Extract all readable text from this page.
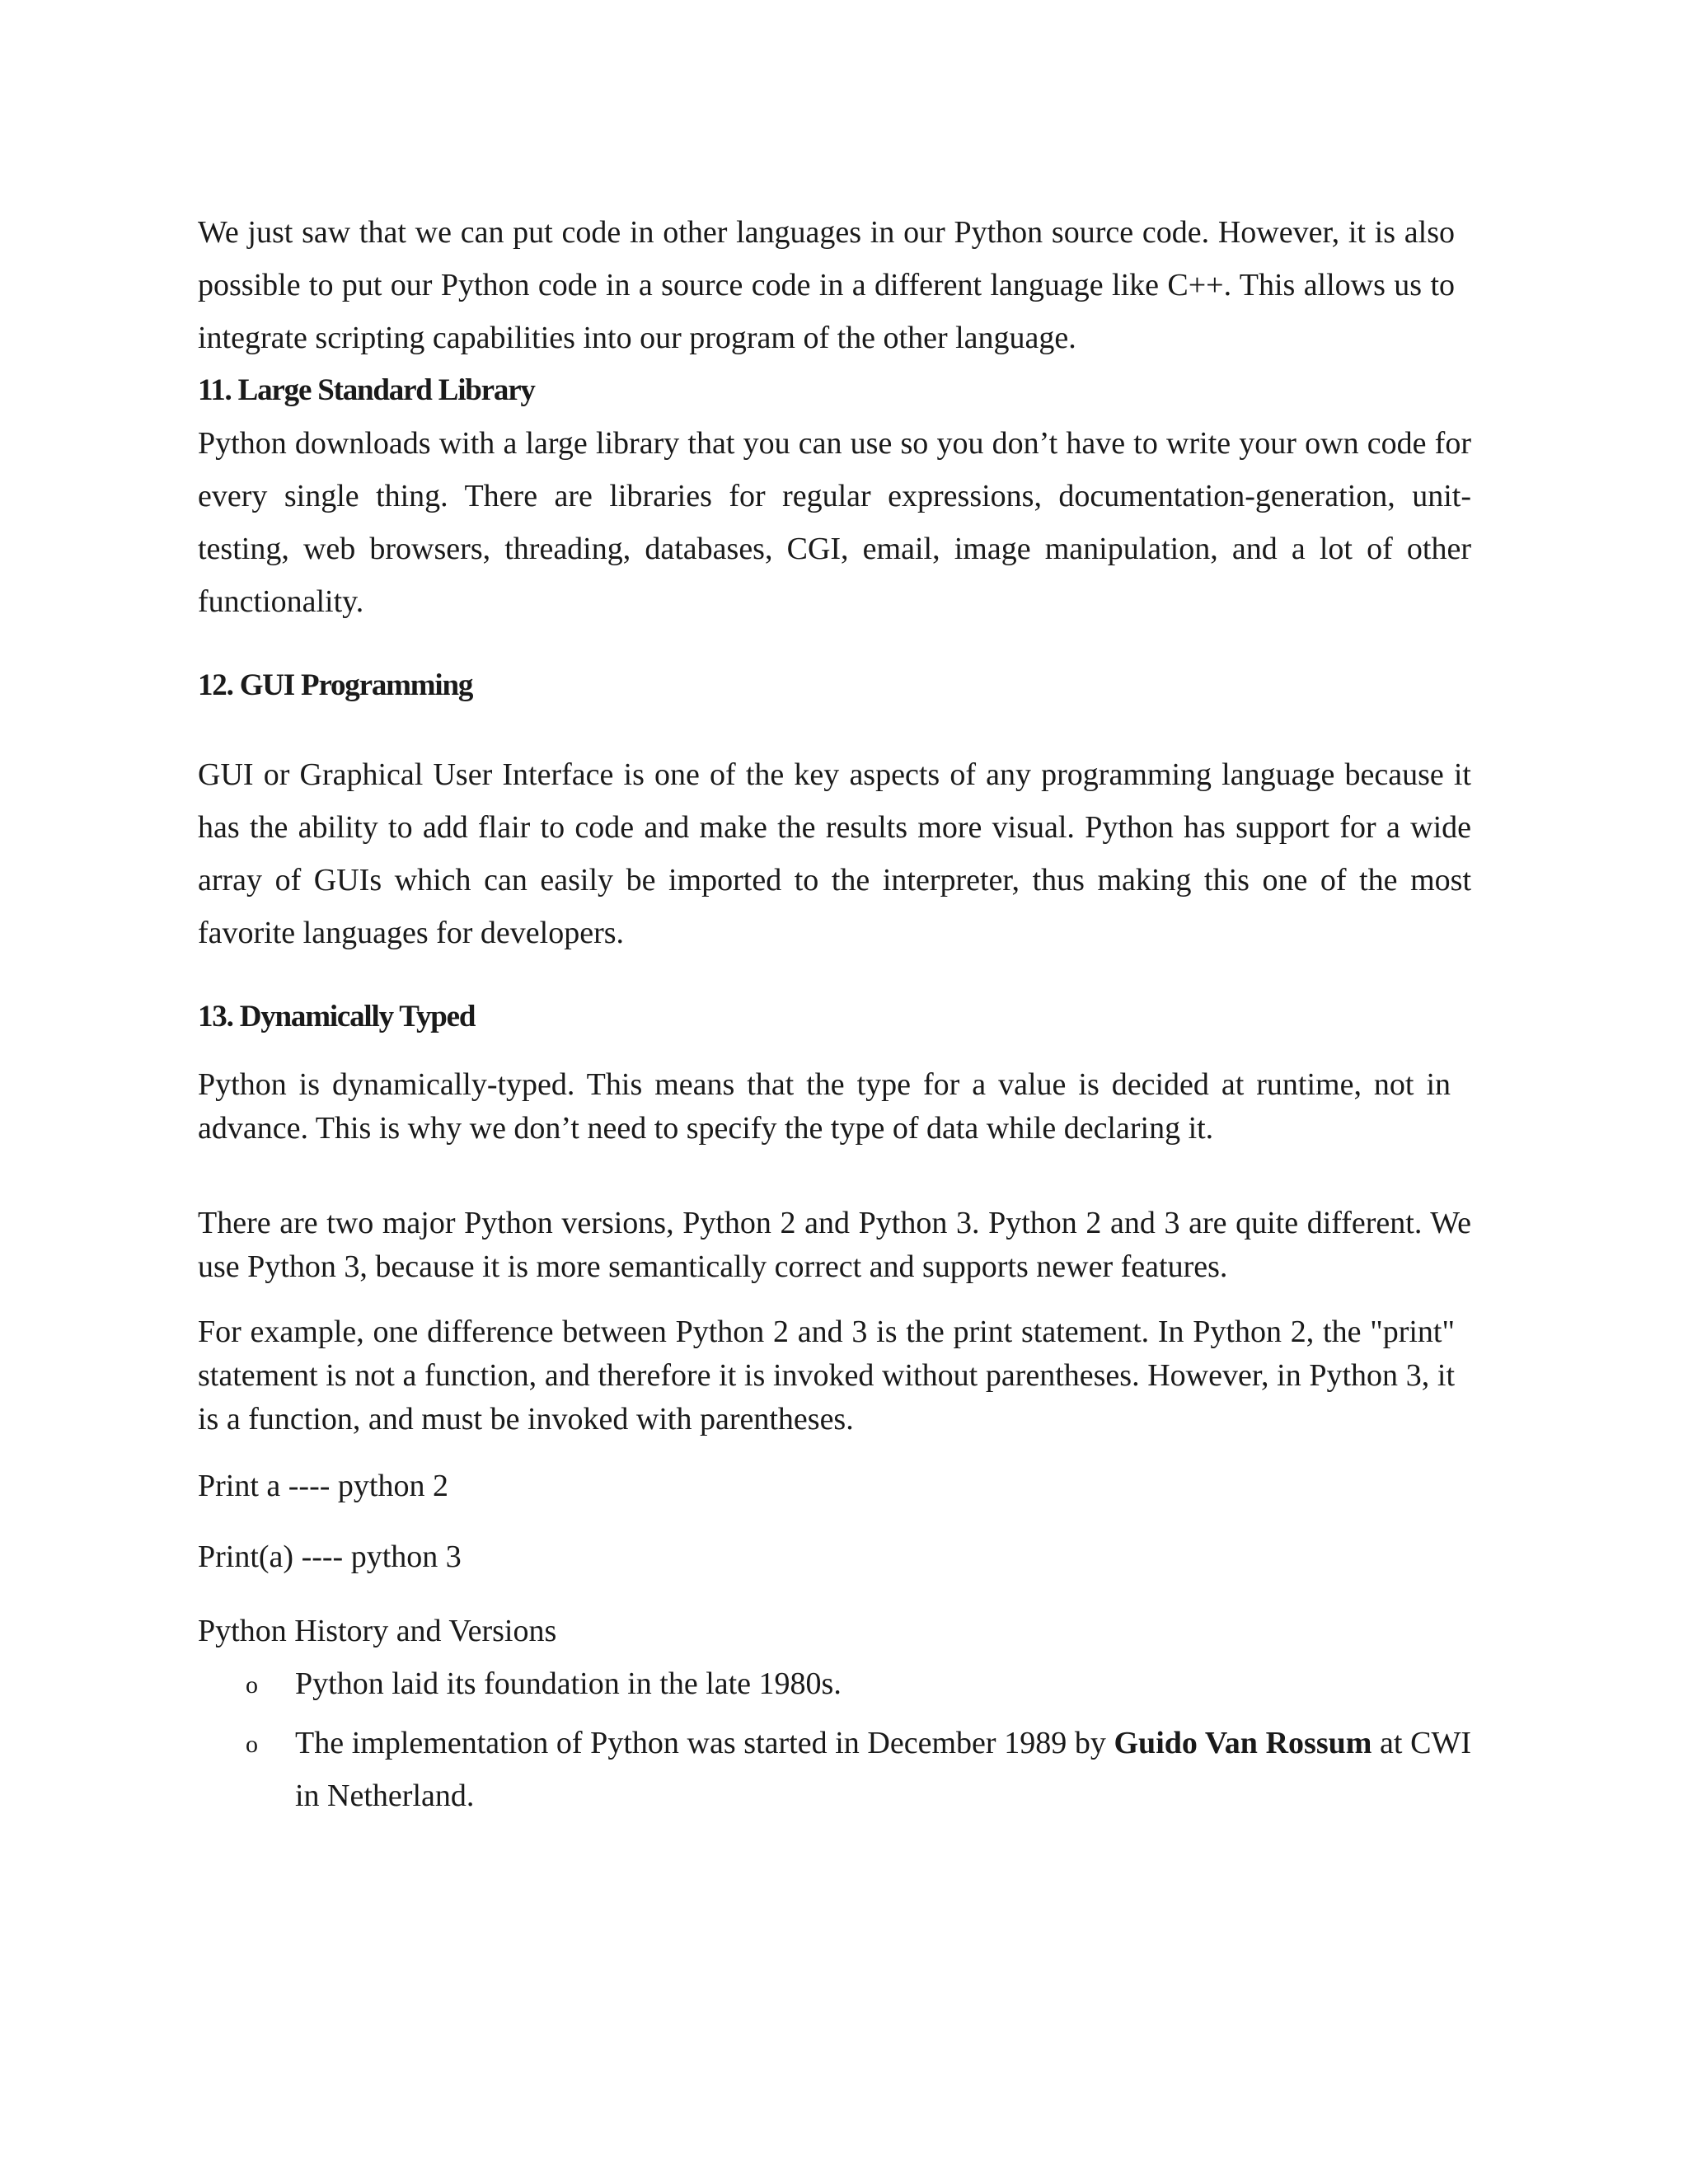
We just saw that we can put code in other languages in our Python source code. However, it is also possible to put our Python code in a source code in a different language like C++. This allows us to integrate scripting capabilities into our program of the other language.

11. Large Standard Library

Python downloads with a large library that you can use so you don’t have to write your own code for every single thing. There are libraries for regular expressions, documentation-generation, unit-testing, web browsers, threading, databases, CGI, email, image manipulation, and a lot of other functionality.

12. GUI Programming

GUI or Graphical User Interface is one of the key aspects of any programming language because it has the ability to add flair to code and make the results more visual. Python has support for a wide array of GUIs which can easily be imported to the interpreter, thus making this one of the most favorite languages for developers.

13. Dynamically Typed

Python is dynamically-typed. This means that the type for a value is decided at runtime, not in advance. This is why we don’t need to specify the type of data while declaring it.

There are two major Python versions, Python 2 and Python 3. Python 2 and 3 are quite different. We use Python 3, because it is more semantically correct and supports newer features.

For example, one difference between Python 2 and 3 is the print statement. In Python 2, the "print" statement is not a function, and therefore it is invoked without parentheses. However, in Python 3, it is a function, and must be invoked with parentheses.

Print a ---- python 2

Print(a) ---- python 3

Python History and Versions

o Python laid its foundation in the late 1980s.
o The implementation of Python was started in December 1989 by Guido Van Rossum at CWI in Netherland.
